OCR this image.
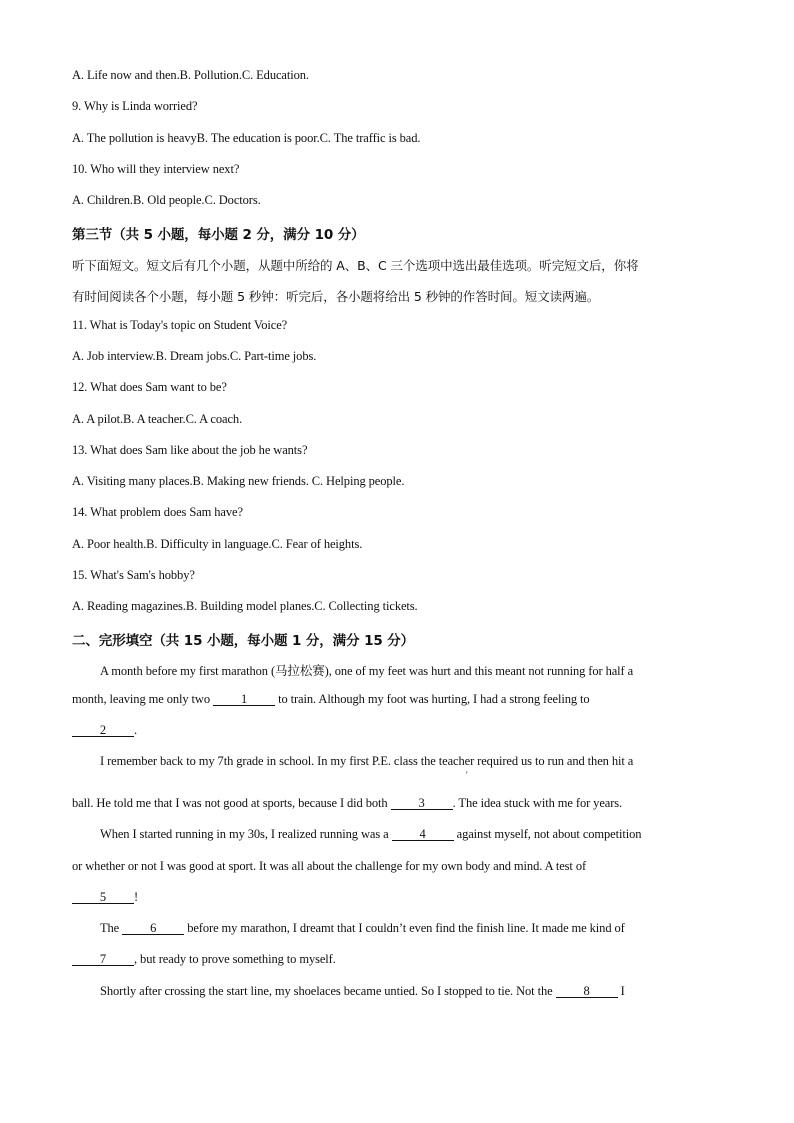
A. Life now and then.B. Pollution.C. Education.
9. Why is Linda worried?
A. The pollution is heavyB. The education is poor.C. The traffic is bad.
10. Who will they interview next?
A. Children.B. Old people.C. Doctors.
第三节（共 5 小题，每小题 2 分，满分 10 分）
听下面短文。短文后有几个小题，从题中所给的 A、B、C 三个选项中选出最佳选项。听完短文后，你将
有时间阅读各个小题，每小题 5 秒钟：听完后，各小题将给出 5 秒钟的作答时间。短文读两遍。
11. What is Today's topic on Student Voice?
A. Job interview.B. Dream jobs.C. Part-time jobs.
12. What does Sam want to be?
A. A pilot.B. A teacher.C. A coach.
13. What does Sam like about the job he wants?
A. Visiting many places.B. Making new friends. C. Helping people.
14. What problem does Sam have?
A. Poor health.B. Difficulty in language.C. Fear of heights.
15. What's Sam's hobby?
A. Reading magazines.B. Building model planes.C. Collecting tickets.
二、完形填空（共 15 小题，每小题 1 分，满分 15 分）
A month before my first marathon (马拉松赛), one of my feet was hurt and this meant not running for half a
month, leaving me only two 1 to train. Although my foot was hurting, I had a strong feeling to
2 .
I remember back to my 7th grade in school. In my first P.E. class the teacher required us to run and then hit a
'
ball. He told me that I was not good at sports, because I did both 3 . The idea stuck with me for years.
When I started running in my 30s, I realized running was a 4 against myself, not about competition
or whether or not I was good at sport. It was all about the challenge for my own body and mind. A test of
5 !
The 6 before my marathon, I dreamt that I couldn’t even find the finish line. It made me kind of
7 , but ready to prove something to myself.
Shortly after crossing the start line, my shoelaces became untied. So I stopped to tie. Not the 8 I
